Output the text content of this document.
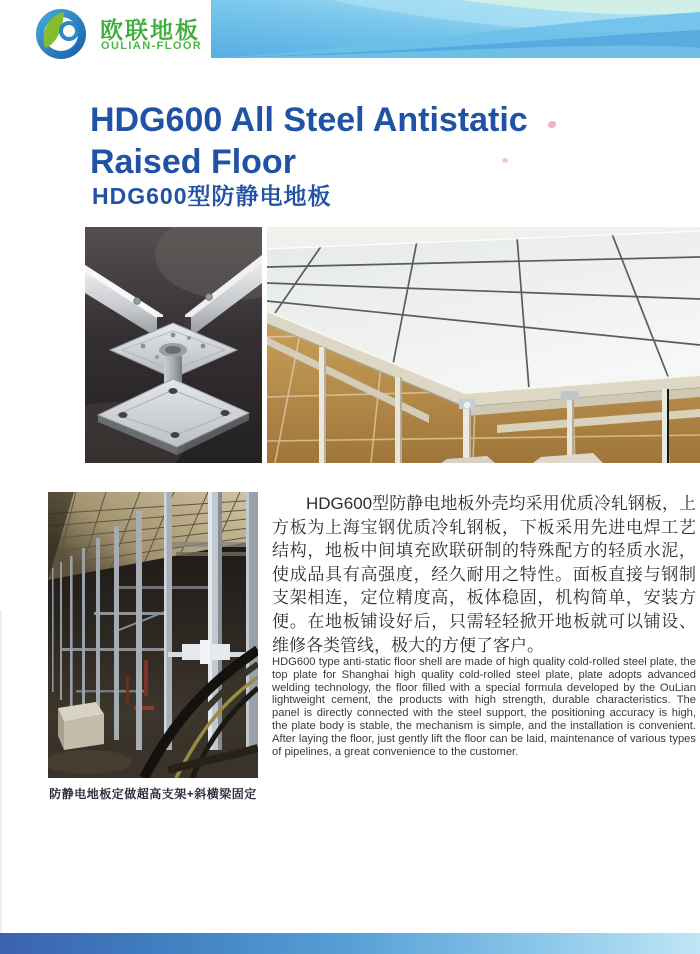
欧联地板
OULIAN-FLOOR
HDG600 All Steel Antistatic
Raised Floor
HDG600型防静电地板
防静电地板定做超高支架+斜横梁固定
HDG600型防静电地板外壳均采用优质冷轧钢板，上方板为上海宝钢优质冷轧钢板，下板采用先进电焊工艺结构，地板中间填充欧联研制的特殊配方的轻质水泥，使成品具有高强度，经久耐用之特性。面板直接与钢制支架相连，定位精度高，板体稳固，机构简单，安装方便。在地板铺设好后，只需轻轻掀开地板就可以铺设、维修各类管线，极大的方便了客户。
HDG600 type anti-static floor shell are made of high quality cold-rolled steel plate, the top plate for Shanghai high quality cold-rolled steel plate, plate adopts advanced welding technology, the floor filled with a special formula developed by the OuLian lightweight cement, the products with high strength, durable characteristics. The panel is directly connected with the steel support, the positioning accuracy is high, the plate body is stable, the mechanism is simple, and the installation is convenient. After laying the floor, just gently lift the floor can be laid, maintenance of various types of pipelines, a great convenience to the customer.
